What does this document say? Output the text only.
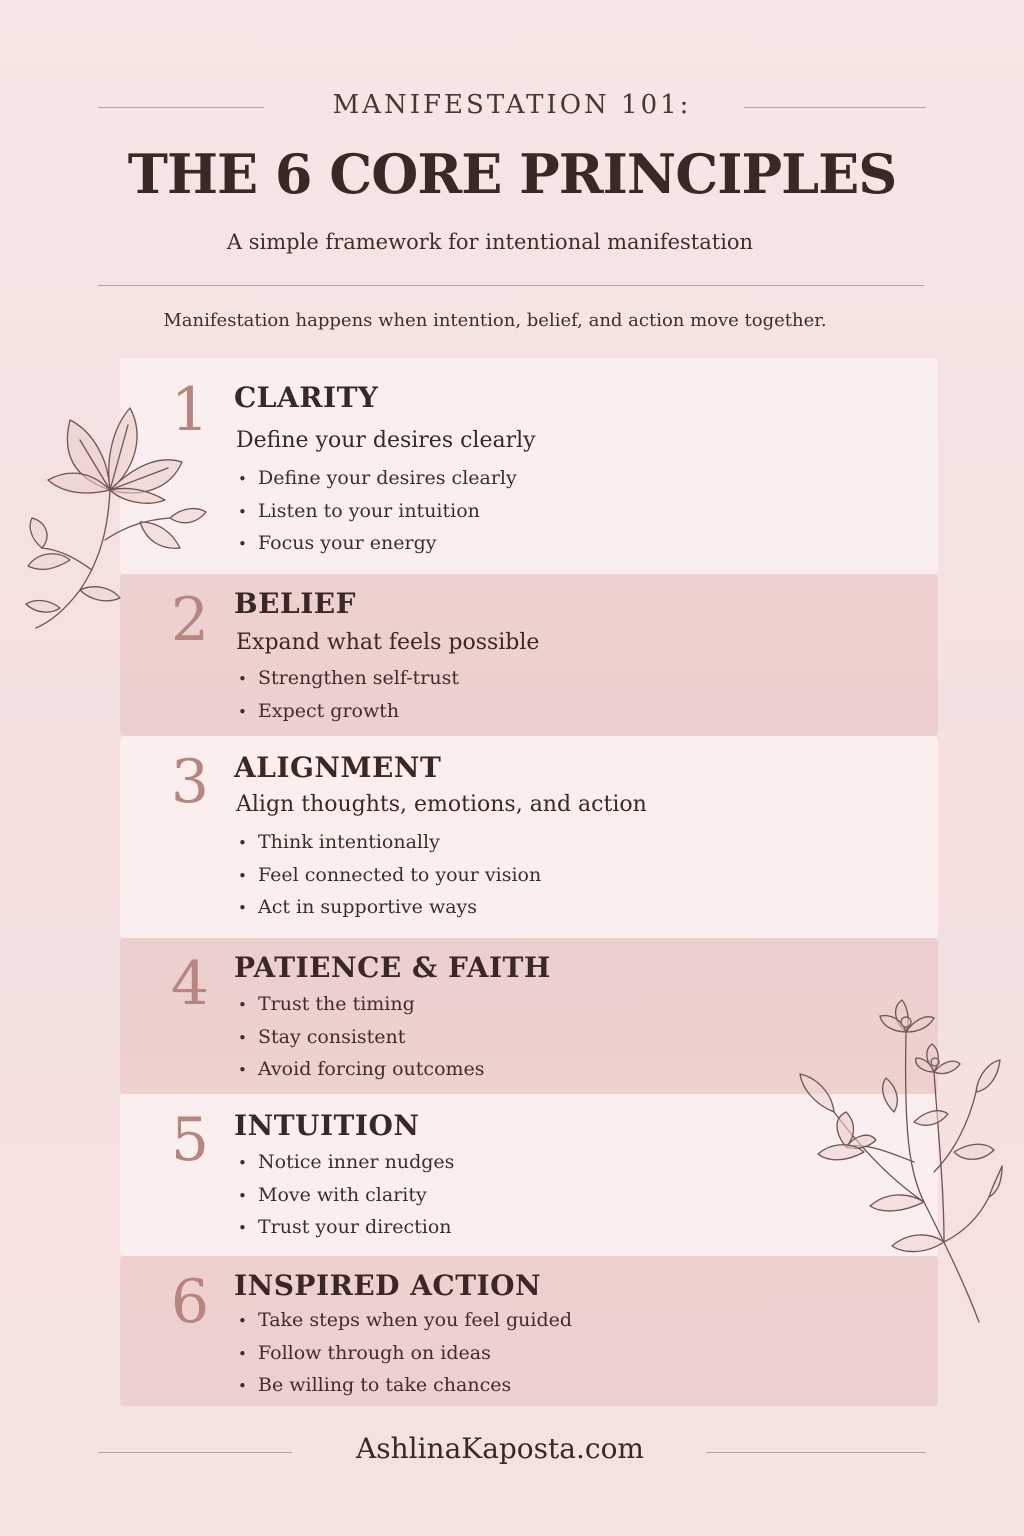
MANIFESTATION 101:
THE 6 CORE PRINCIPLES
A simple framework for intentional manifestation
Manifestation happens when intention, belief, and action move together.
1 CLARITY
Define your desires clearly
• Define your desires clearly
• Listen to your intuition
• Focus your energy
2 BELIEF
Expand what feels possible
• Strengthen self-trust
• Expect growth
3 ALIGNMENT
Align thoughts, emotions, and action
• Think intentionally
• Feel connected to your vision
• Act in supportive ways
4 PATIENCE & FAITH
• Trust the timing
• Stay consistent
• Avoid forcing outcomes
5 INTUITION
• Notice inner nudges
• Move with clarity
• Trust your direction
6 INSPIRED ACTION
• Take steps when you feel guided
• Follow through on ideas
• Be willing to take chances
AshlinaKaposta.com
